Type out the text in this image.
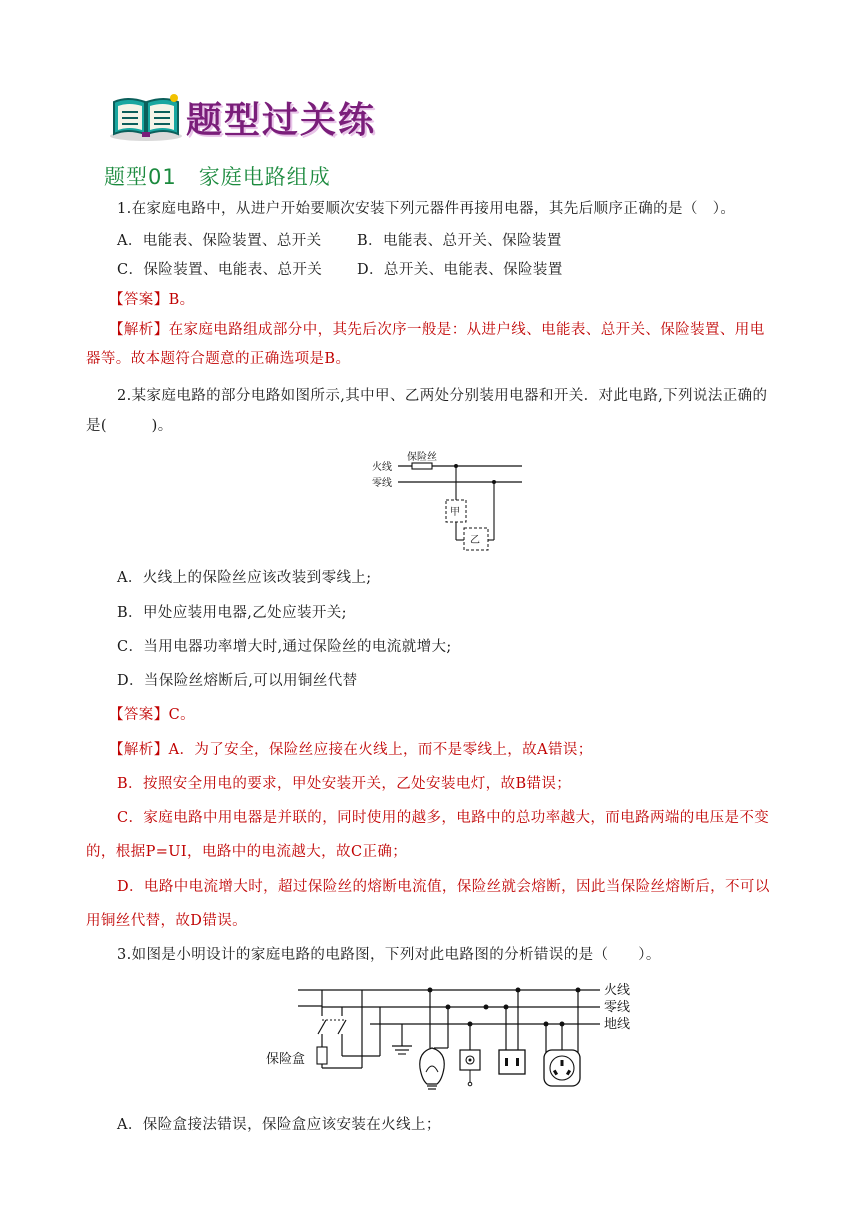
题型过关练
题型01　家庭电路组成
1.在家庭电路中，从进户开始要顺次安装下列元器件再接用电器，其先后顺序正确的是（　）。
A．电能表、保险装置、总开关 B．电能表、总开关、保险装置
C．保险装置、电能表、总开关 D．总开关、电能表、保险装置
【答案】B。
【解析】在家庭电路组成部分中，其先后次序一般是：从进户线、电能表、总开关、保险装置、用电
器等。故本题符合题意的正确选项是B。
2.某家庭电路的部分电路如图所示,其中甲、乙两处分别装用电器和开关．对此电路,下列说法正确的
是(　　　)。
火线
零线
保险丝
甲
乙
A．火线上的保险丝应该改装到零线上;
B．甲处应装用电器,乙处应装开关;
C．当用电器功率增大时,通过保险丝的电流就增大;
D．当保险丝熔断后,可以用铜丝代替
【答案】C。
【解析】A．为了安全，保险丝应接在火线上，而不是零线上，故A错误；
B．按照安全用电的要求，甲处安装开关，乙处安装电灯，故B错误；
C．家庭电路中用电器是并联的，同时使用的越多，电路中的总功率越大，而电路两端的电压是不变
的，根据P=UI，电路中的电流越大，故C正确；
D．电路中电流增大时，超过保险丝的熔断电流值，保险丝就会熔断，因此当保险丝熔断后，不可以
用铜丝代替，故D错误。
3.如图是小明设计的家庭电路的电路图，下列对此电路图的分析错误的是（　　）。
火线
零线
地线
保险盒
A．保险盒接法错误，保险盒应该安装在火线上；
